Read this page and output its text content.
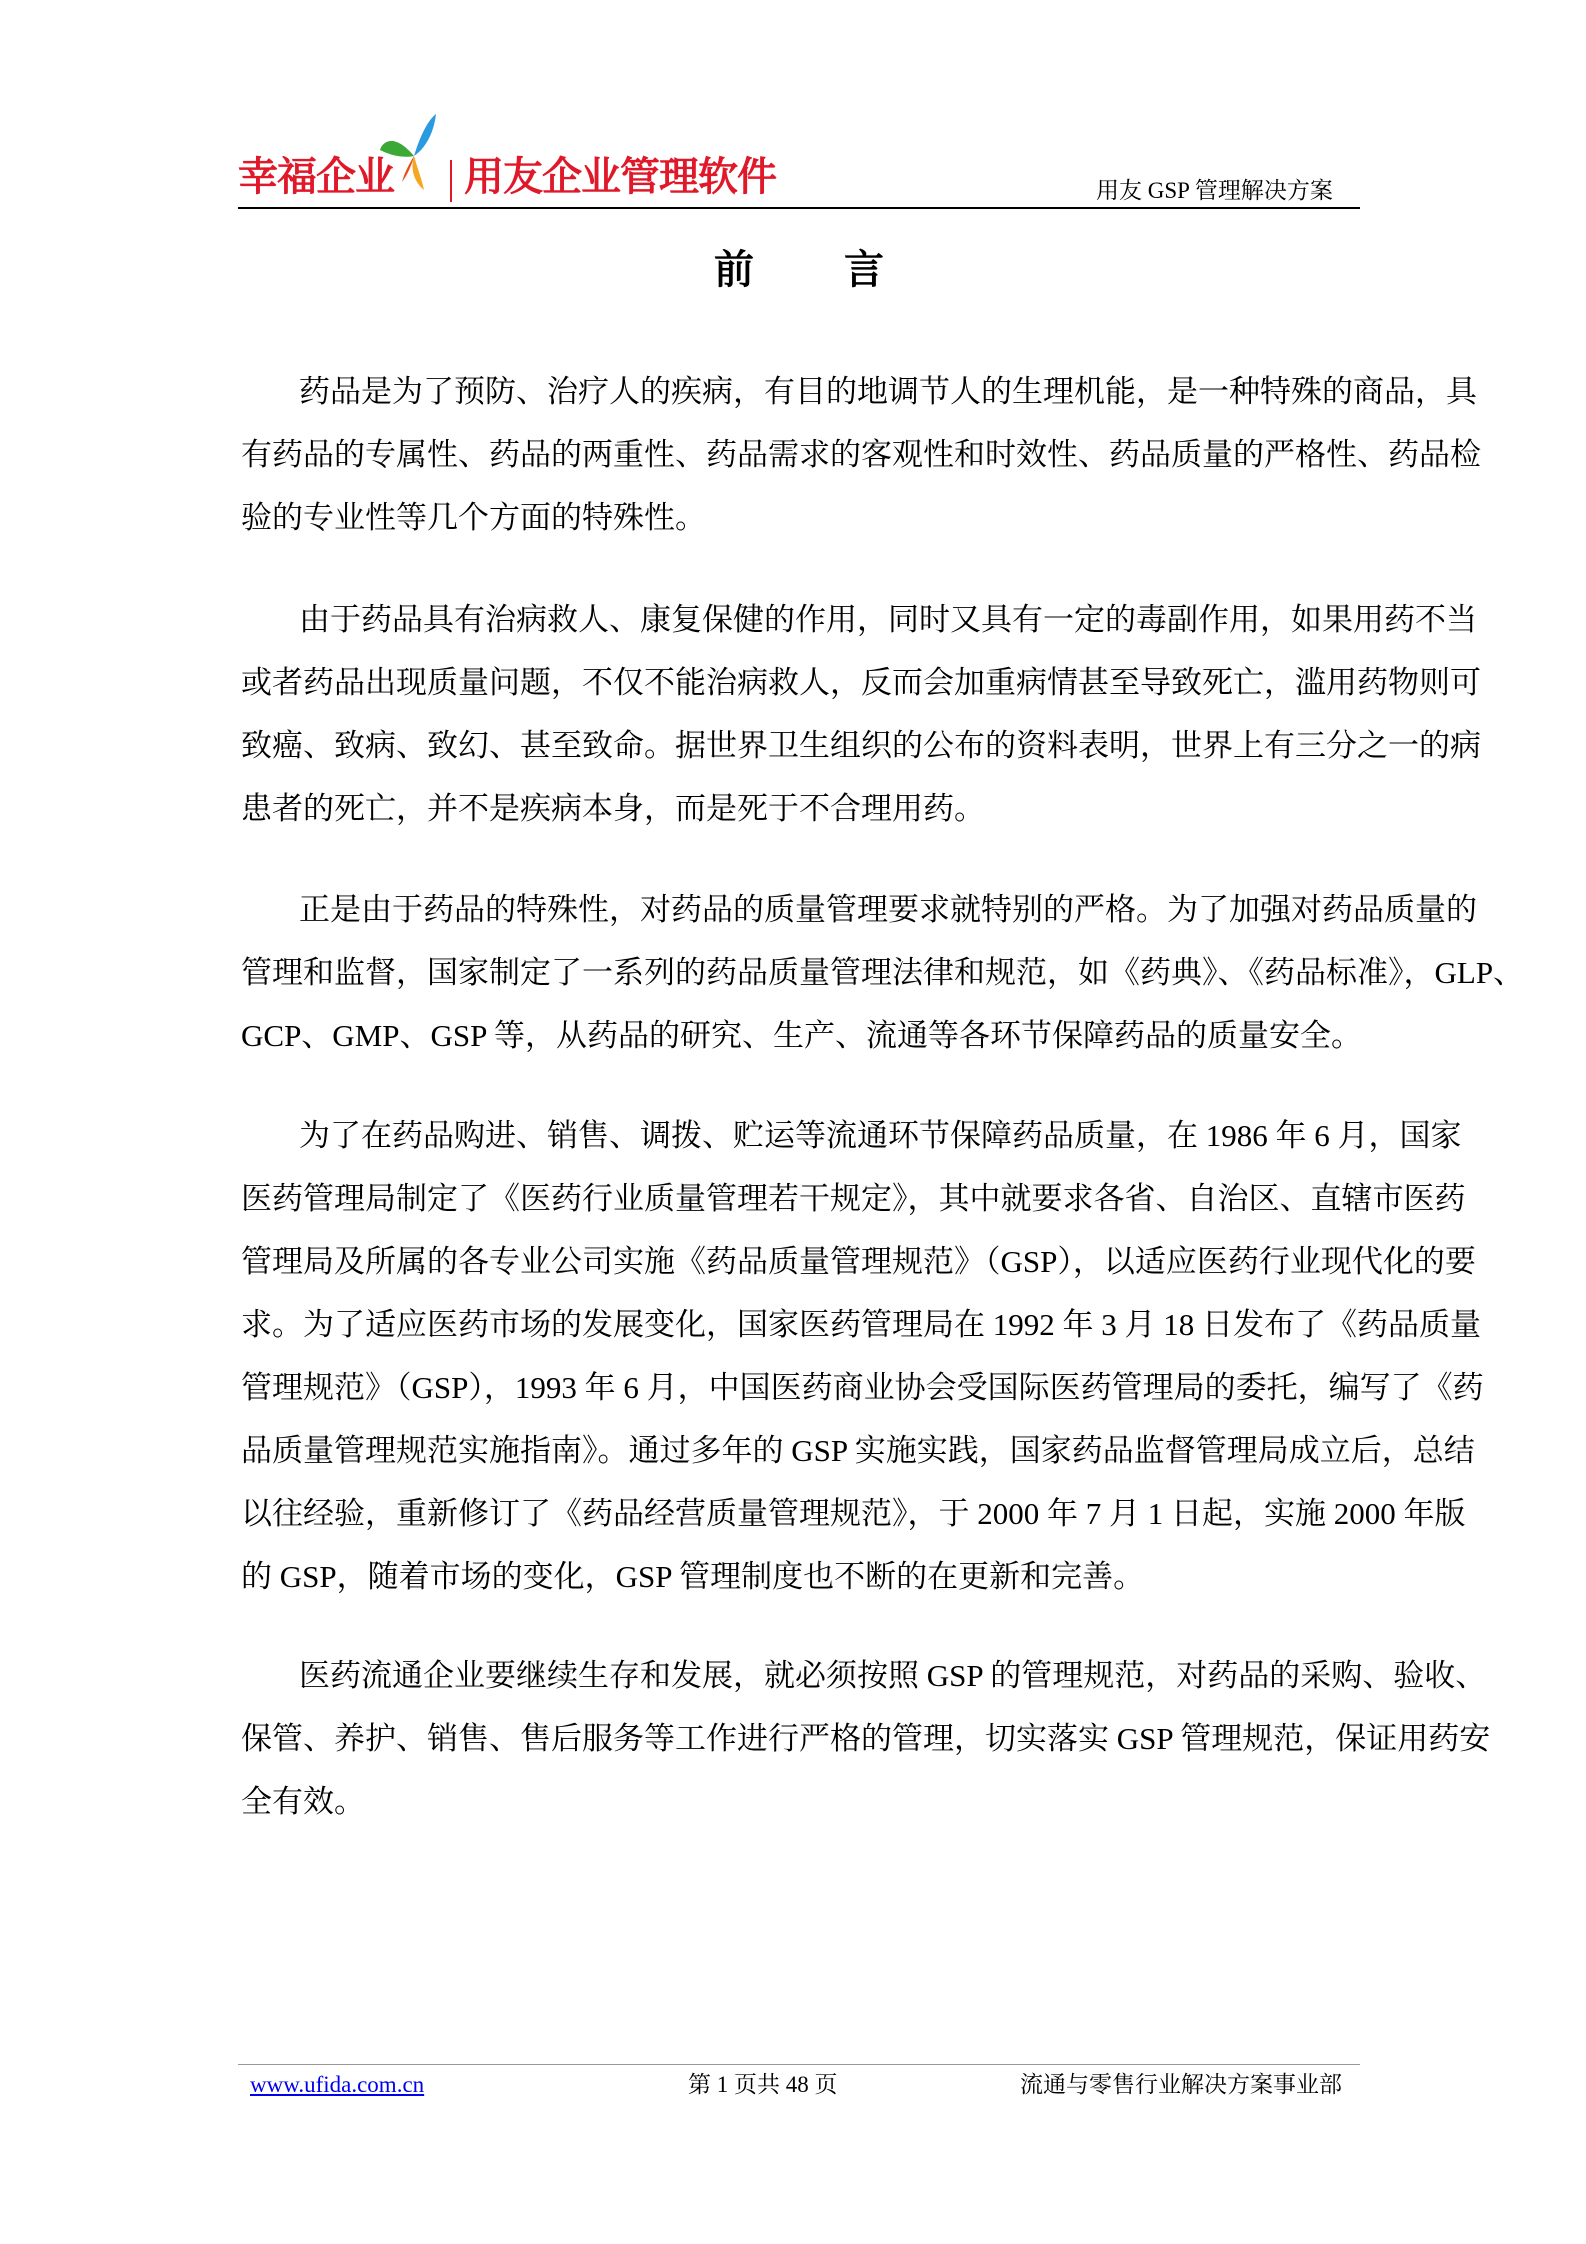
幸福企业 用友企业管理软件	用友 GSP 管理解决方案
前 言
药品是为了预防、治疗人的疾病，有目的地调节人的生理机能，是一种特殊的商品，具
有药品的专属性、药品的两重性、药品需求的客观性和时效性、药品质量的严格性、药品检
验的专业性等几个方面的特殊性。
由于药品具有治病救人、康复保健的作用，同时又具有一定的毒副作用，如果用药不当
或者药品出现质量问题，不仅不能治病救人，反而会加重病情甚至导致死亡，滥用药物则可
致癌、致病、致幻、甚至致命。据世界卫生组织的公布的资料表明，世界上有三分之一的病
患者的死亡，并不是疾病本身，而是死于不合理用药。
正是由于药品的特殊性，对药品的质量管理要求就特别的严格。为了加强对药品质量的
管理和监督，国家制定了一系列的药品质量管理法律和规范，如《药典》、《药品标准》，GLP、
GCP、GMP、GSP 等，从药品的研究、生产、流通等各环节保障药品的质量安全。
为了在药品购进、销售、调拨、贮运等流通环节保障药品质量，在 1986 年 6 月，国家
医药管理局制定了《医药行业质量管理若干规定》，其中就要求各省、自治区、直辖市医药
管理局及所属的各专业公司实施《药品质量管理规范》（GSP），以适应医药行业现代化的要
求。为了适应医药市场的发展变化，国家医药管理局在 1992 年 3 月 18 日发布了《药品质量
管理规范》（GSP），1993 年 6 月，中国医药商业协会受国际医药管理局的委托，编写了《药
品质量管理规范实施指南》。通过多年的 GSP 实施实践，国家药品监督管理局成立后，总结
以往经验，重新修订了《药品经营质量管理规范》，于 2000 年 7 月 1 日起，实施 2000 年版
的 GSP，随着市场的变化，GSP 管理制度也不断的在更新和完善。
医药流通企业要继续生存和发展，就必须按照 GSP 的管理规范，对药品的采购、验收、
保管、养护、销售、售后服务等工作进行严格的管理，切实落实 GSP 管理规范，保证用药安
全有效。
www.ufida.com.cn	第 1 页共 48 页	流通与零售行业解决方案事业部
